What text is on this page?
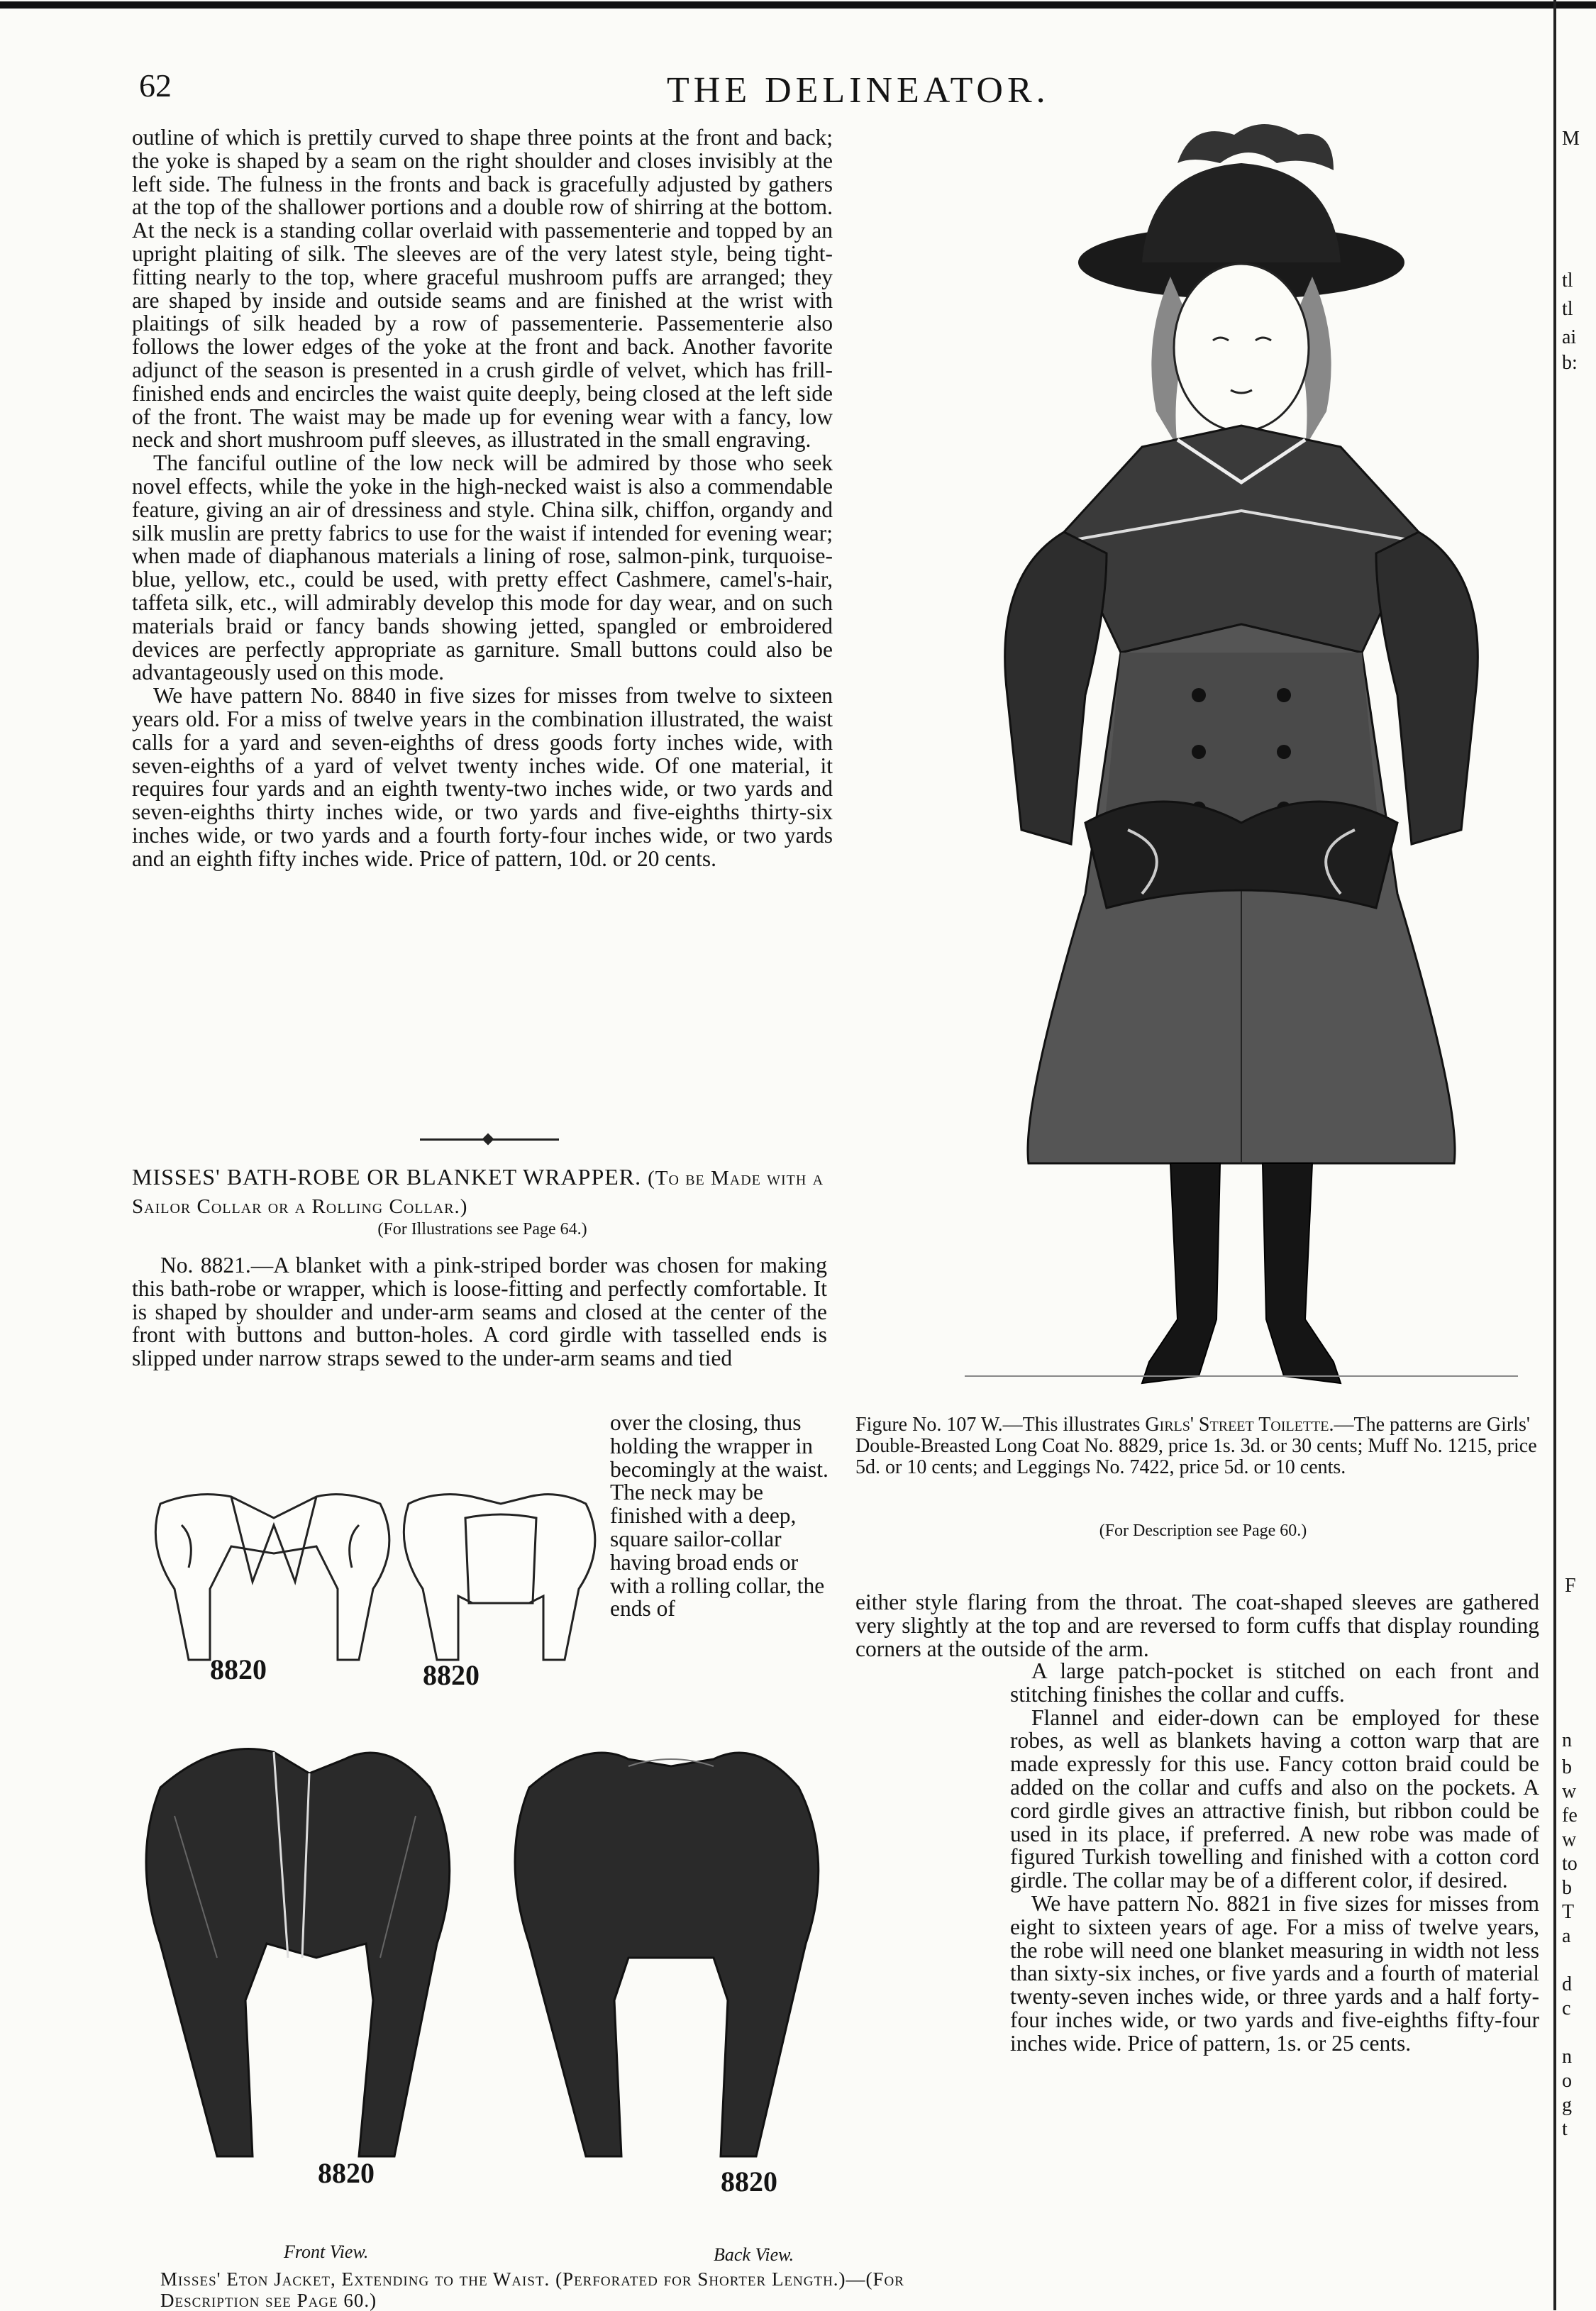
62	THE DELINEATOR.

outline of which is prettily curved to shape three points at the front and back; the yoke is shaped by a seam on the right shoulder and closes invisibly at the left side. The fulness in the fronts and back is gracefully adjusted by gathers at the top of the shallower portions and a double row of shirring at the bottom. At the neck is a standing collar overlaid with passementerie and topped by an upright plaiting of silk. The sleeves are of the very latest style, being tight-fitting nearly to the top, where graceful mushroom puffs are arranged; they are shaped by inside and outside seams and are finished at the wrist with plaitings of silk headed by a row of passementerie. Passementerie also follows the lower edges of the yoke at the front and back. Another favorite adjunct of the season is presented in a crush girdle of velvet, which has frill-finished ends and encircles the waist quite deeply, being closed at the left side of the front. The waist may be made up for evening wear with a fancy, low neck and short mushroom puff sleeves, as illustrated in the small engraving.

The fanciful outline of the low neck will be admired by those who seek novel effects, while the yoke in the high-necked waist is also a commendable feature, giving an air of dressiness and style. China silk, chiffon, organdy and silk muslin are pretty fabrics to use for the waist if intended for evening wear; when made of diaphanous materials a lining of rose, salmon-pink, turquoise-blue, yellow, etc., could be used, with pretty effect Cashmere, camel's-hair, taffeta silk, etc., will admirably develop this mode for day wear, and on such materials braid or fancy bands showing jetted, spangled or embroidered devices are perfectly appropriate as garniture. Small buttons could also be advantageously used on this mode.

We have pattern No. 8840 in five sizes for misses from twelve to sixteen years old. For a miss of twelve years in the combination illustrated, the waist calls for a yard and seven-eighths of dress goods forty inches wide, with seven-eighths of a yard of velvet twenty inches wide. Of one material, it requires four yards and an eighth twenty-two inches wide, or two yards and seven-eighths thirty inches wide, or two yards and five-eighths thirty-six inches wide, or two yards and a fourth forty-four inches wide, or two yards and an eighth fifty inches wide. Price of pattern, 10d. or 20 cents.

MISSES' BATH-ROBE OR BLANKET WRAPPER. (To be Made with a Sailor Collar or a Rolling Collar.)
(For Illustrations see Page 64.)
No. 8821.—A blanket with a pink-striped border was chosen for making this bath-robe or wrapper, which is loose-fitting and perfectly comfortable. It is shaped by shoulder and under-arm seams and closed at the center of the front with buttons and button-holes. A cord girdle with tasselled ends is slipped under narrow straps sewed to the under-arm seams and tied
over the closing, thus holding the wrapper in becomingly at the waist. The neck may be finished with a deep, square sailor-collar having broad ends or with a rolling collar, the ends of
8820	8820
8820	8820
Front View.	Back View.
Misses' Eton Jacket, Extending to the Waist. (Perforated for Shorter Length.)—(For Description see Page 60.)
Figure No. 107 W.—This illustrates Girls' Street Toilette.—The patterns are Girls' Double-Breasted Long Coat No. 8829, price 1s. 3d. or 30 cents; Muff No. 1215, price 5d. or 10 cents; and Leggings No. 7422, price 5d. or 10 cents.
(For Description see Page 60.)
either style flaring from the throat. The coat-shaped sleeves are gathered very slightly at the top and are reversed to form cuffs that display rounding corners at the outside of the arm.

A large patch-pocket is stitched on each front and stitching finishes the collar and cuffs.

Flannel and eider-down can be employed for these robes, as well as blankets having a cotton warp that are made expressly for this use. Fancy cotton braid could be added on the collar and cuffs and also on the pockets. A cord girdle gives an attractive finish, but ribbon could be used in its place, if preferred. A new robe was made of figured Turkish towelling and finished with a cotton cord girdle. The collar may be of a different color, if desired.

We have pattern No. 8821 in five sizes for misses from eight to sixteen years of age. For a miss of twelve years, the robe will need one blanket measuring in width not less than sixty-six inches, or five yards and a fourth of material twenty-seven inches wide, or three yards and a half forty-four inches wide, or two yards and five-eighths fifty-four inches wide. Price of pattern, 1s. or 25 cents.

M
tl
tl
ai
b:
F
n
b
w
fe
w
to
b
T
a
d
c
n
o
g
t
